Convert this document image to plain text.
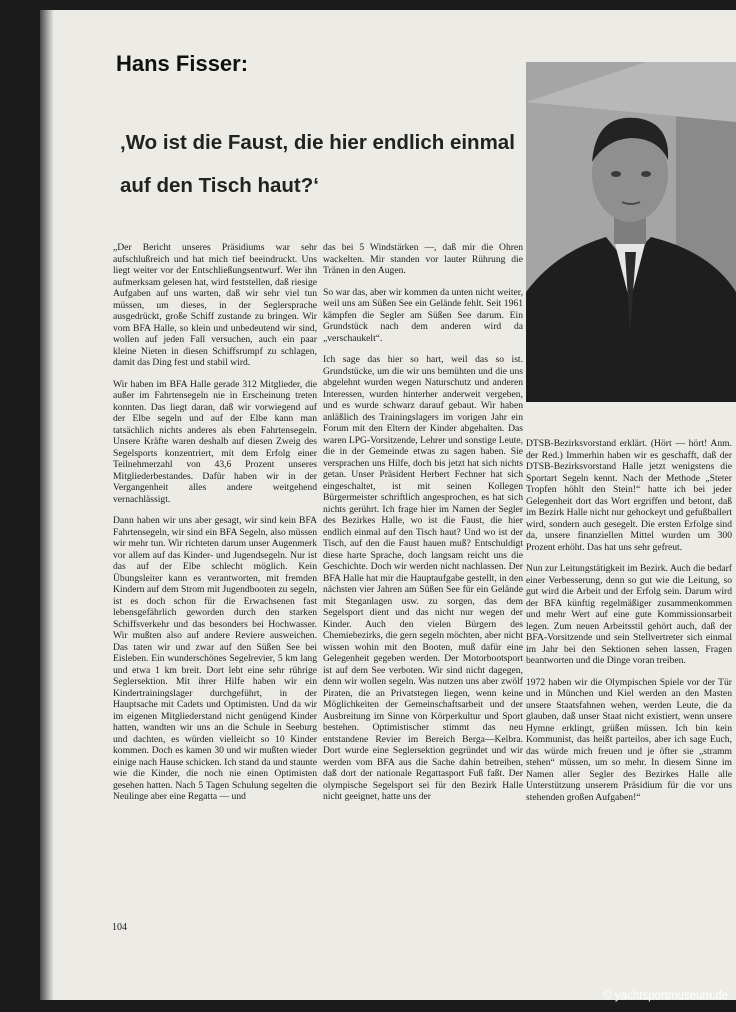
Hans Fisser:
‚Wo ist die Faust, die hier endlich einmal auf den Tisch haut?‘

„Der Bericht unseres Präsidiums war sehr aufschlußreich und hat mich tief beeindruckt. Uns liegt weiter vor der Entschließungsentwurf. Wer ihn aufmerksam gelesen hat, wird feststellen, daß riesige Aufgaben auf uns warten, daß wir sehr viel tun müssen, um dieses, in der Seglersprache ausgedrückt, große Schiff zustande zu bringen. Wir vom BFA Halle, so klein und unbedeutend wir sind, wollen auf jeden Fall versuchen, auch ein paar kleine Nieten in diesen Schiffsrumpf zu schlagen, damit das Ding fest und stabil wird.

Wir haben im BFA Halle gerade 312 Mitglieder, die außer im Fahrtensegeln nie in Erscheinung treten konnten. Das liegt daran, daß wir vorwiegend auf der Elbe segeln und auf der Elbe kann man tatsächlich nichts anderes als eben Fahrtensegeln. Unsere Kräfte waren deshalb auf diesen Zweig des Segelsports konzentriert, mit dem Erfolg einer Teilnehmerzahl von 43,6 Prozent unseres Mitgliederbestandes. Dafür haben wir in der Vergangenheit alles andere weitgehend vernachlässigt.

Dann haben wir uns aber gesagt, wir sind kein BFA Fahrtensegeln, wir sind ein BFA Segeln, also müssen wir mehr tun. Wir richteten darum unser Augenmerk vor allem auf das Kinder- und Jugendsegeln. Nur ist das auf der Elbe schlecht möglich. Kein Übungsleiter kann es verantworten, mit fremden Kindern auf dem Strom mit Jugendbooten zu segeln, ist es doch schon für die Erwachsenen fast lebensgefährlich geworden durch den starken Schiffsverkehr und das besonders bei Hochwasser. Wir mußten also auf andere Reviere ausweichen. Das taten wir und zwar auf den Süßen See bei Eisleben. Ein wunderschönes Segelrevier, 5 km lang und etwa 1 km breit. Dort lebt eine sehr rührige Seglersektion. Mit ihrer Hilfe haben wir ein Kindertrainingslager durchgeführt, in der Hauptsache mit Cadets und Optimisten. Und da wir im eigenen Mitgliederstand nicht genügend Kinder hatten, wandten wir uns an die Schule in Seeburg und dachten, es würden vielleicht so 10 Kinder kommen. Doch es kamen 30 und wir mußten wieder einige nach Hause schicken. Ich stand da und staunte wie die Kinder, die noch nie einen Optimisten gesehen hatten. Nach 5 Tagen Schulung segelten die Neulinge aber eine Regatta — und

das bei 5 Windstärken —, daß mir die Ohren wackelten. Mir standen vor lauter Rührung die Tränen in den Augen.

So war das, aber wir kommen da unten nicht weiter, weil uns am Süßen See ein Gelände fehlt. Seit 1961 kämpfen die Segler am Süßen See darum. Ein Grundstück nach dem anderen wird da „verschaukelt“.

Ich sage das hier so hart, weil das so ist. Grundstücke, um die wir uns bemühten und die uns abgelehnt wurden wegen Naturschutz und anderen Interessen, wurden hinterher anderweit vergeben, und es wurde schwarz darauf gebaut. Wir haben anläßlich des Trainingslagers im vorigen Jahr ein Forum mit den Eltern der Kinder abgehalten. Das waren LPG-Vorsitzende, Lehrer und sonstige Leute, die in der Gemeinde etwas zu sagen haben. Sie versprachen uns Hilfe, doch bis jetzt hat sich nichts getan. Unser Präsident Herbert Fechner hat sich eingeschaltet, ist mit seinen Kollegen Bürgermeister schriftlich angesprochen, es hat sich nichts gerührt. Ich frage hier im Namen der Segler des Bezirkes Halle, wo ist die Faust, die hier endlich einmal auf den Tisch haut? Und wo ist der Tisch, auf den die Faust hauen muß? Entschuldigt diese harte Sprache, doch langsam reicht uns die Geschichte. Doch wir werden nicht nachlassen. Der BFA Halle hat mir die Hauptaufgabe gestellt, in den nächsten vier Jahren am Süßen See für ein Gelände mit Steganlagen usw. zu sorgen, das dem Segelsport dient und das nicht nur wegen der Kinder. Auch den vielen Bürgern des Chemiebezirks, die gern segeln möchten, aber nicht wissen wohin mit den Booten, muß dafür eine Gelegenheit gegeben werden. Der Motorbootsport ist auf dem See verboten. Wir sind nicht dagegen, denn wir wollen segeln. Was nutzen uns aber zwölf Piraten, die an Privatstegen liegen, wenn keine Möglichkeiten der Gemeinschaftsarbeit und der Ausbreitung im Sinne von Körperkultur und Sport bestehen. Optimistischer stimmt das neu entstandene Revier im Bereich Berga—Kelbra. Dort wurde eine Seglersektion gegründet und wir werden vom BFA aus die Sache dahin betreiben, daß dort der nationale Regattasport Fuß faßt. Der olympische Segelsport sei für den Bezirk Halle nicht geeignet, hatte uns der

DTSB-Bezirksvorstand erklärt. (Hört — hört! Anm. der Red.) Immerhin haben wir es geschafft, daß der DTSB-Bezirksvorstand Halle jetzt wenigstens die Sportart Segeln kennt. Nach der Methode „Steter Tropfen höhlt den Stein!“ hatte ich bei jeder Gelegenheit dort das Wort ergriffen und betont, daß im Bezirk Halle nicht nur gehockeyt und gefußballert wird, sondern auch gesegelt. Die ersten Erfolge sind da, unsere finanziellen Mittel wurden um 300 Prozent erhöht. Das hat uns sehr gefreut.

Nun zur Leitungstätigkeit im Bezirk. Auch die bedarf einer Verbesserung, denn so gut wie die Leitung, so gut wird die Arbeit und der Erfolg sein. Darum wird der BFA künftig regelmäßiger zusammenkommen und mehr Wert auf eine gute Kommissionsarbeit legen. Zum neuen Arbeitsstil gehört auch, daß der BFA-Vorsitzende und sein Stellvertreter sich einmal im Jahr bei den Sektionen sehen lassen, Fragen beantworten und die Dinge voran treiben.

1972 haben wir die Olympischen Spiele vor der Tür und in München und Kiel werden an den Masten unsere Staatsfahnen wehen, werden Leute, die da glauben, daß unser Staat nicht existiert, wenn unsere Hymne erklingt, grüßen müssen. Ich bin kein Kommunist, das heißt parteilos, aber ich sage Euch, das würde mich freuen und je öfter sie „stramm stehen“ müssen, um so mehr. In diesem Sinne im Namen aller Segler des Bezirkes Halle alle Unterstützung unserem Präsidium für die vor uns stehenden großen Aufgaben!“

104

© yachtsportmuseum.de
